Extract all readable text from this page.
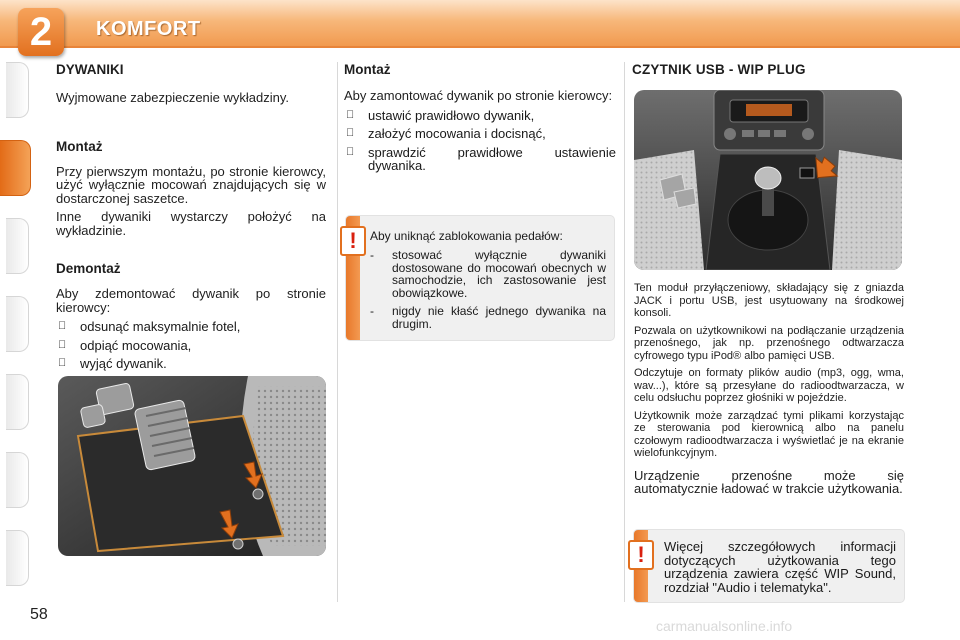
2	KOMFORT
DYWANIKI

Wyjmowane zabezpieczenie wykładziny.

Montaż

Przy pierwszym montażu, po stronie kierowcy, użyć wyłącznie mocowań znajdujących się w dostarczonej saszetce.

Inne dywaniki wystarczy położyć na wykładzinie.

Demontaż

Aby zdemontować dywanik po stronie kierowcy:

odsunąć maksymalnie fotel,
odpiąć mocowania,
wyjąć dywanik.
Montaż

Aby zamontować dywanik po stronie kierowcy:

ustawić prawidłowo dywanik,
założyć mocowania i docisnąć,
sprawdzić prawidłowe ustawienie dywanika.
!	Aby uniknąć zablokowania pedałów:
- stosować wyłącznie dywaniki dostosowane do mocowań obecnych w samochodzie, ich zastosowanie jest obowiązkowe.
- nigdy nie kłaść jednego dywanika na drugim.
CZYTNIK USB - WIP PLUG

Ten moduł przyłączeniowy, składający się z gniazda JACK i portu USB, jest usytuowany na środkowej konsoli.

Pozwala on użytkownikowi na podłączanie urządzenia przenośnego, jak np. przenośnego odtwarzacza cyfrowego typu iPod® albo pamięci USB.

Odczytuje on formaty plików audio (mp3, ogg, wma, wav...), które są przesyłane do radioodtwarzacza, w celu odsłuchu poprzez głośniki w pojeździe.

Użytkownik może zarządzać tymi plikami korzystając ze sterowania pod kierownicą albo na panelu czołowym radioodtwarzacza i wyświetlać je na ekranie wielofunkcyjnym.

Urządzenie przenośne może się automatycznie ładować w trakcie użytkowania.

!	Więcej szczegółowych informacji dotyczących użytkowania tego urządzenia zawiera część WIP Sound, rozdział "Audio i telematyka".
58
carmanualsonline.info
